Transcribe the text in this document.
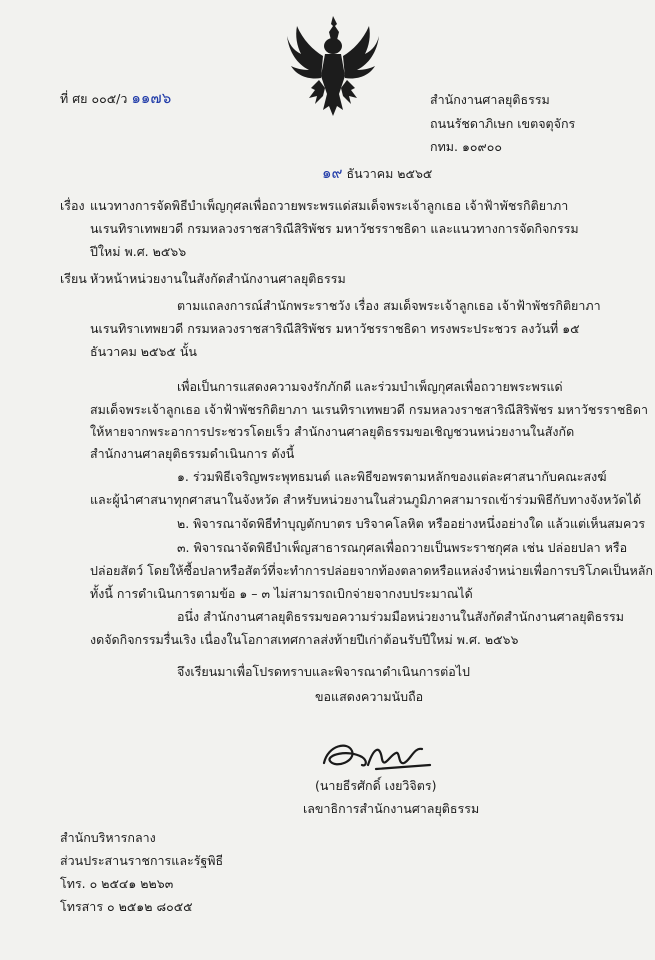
ที่ ศย ๐๐๕/ว ๑๑๗๖	สำนักงานศาลยุติธรรม
ถนนรัชดาภิเษก เขตจตุจักร
กทม. ๑๐๙๐๐
๑๙ ธันวาคม ๒๕๖๕
เรื่อง แนวทางการจัดพิธีบำเพ็ญกุศลเพื่อถวายพระพรแด่สมเด็จพระเจ้าลูกเธอ เจ้าฟ้าพัชรกิติยาภา
นเรนทิราเทพยวดี กรมหลวงราชสาริณีสิริพัชร มหาวัชรราชธิดา และแนวทางการจัดกิจกรรม
ปีใหม่ พ.ศ. ๒๕๖๖
เรียน หัวหน้าหน่วยงานในสังกัดสำนักงานศาลยุติธรรม
ตามแถลงการณ์สำนักพระราชวัง เรื่อง สมเด็จพระเจ้าลูกเธอ เจ้าฟ้าพัชรกิติยาภา
นเรนทิราเทพยวดี กรมหลวงราชสาริณีสิริพัชร มหาวัชรราชธิดา ทรงพระประชวร ลงวันที่ ๑๕
ธันวาคม ๒๕๖๕ นั้น
เพื่อเป็นการแสดงความจงรักภักดี และร่วมบำเพ็ญกุศลเพื่อถวายพระพรแด่
สมเด็จพระเจ้าลูกเธอ เจ้าฟ้าพัชรกิติยาภา นเรนทิราเทพยวดี กรมหลวงราชสาริณีสิริพัชร มหาวัชรราชธิดา
ให้หายจากพระอาการประชวรโดยเร็ว สำนักงานศาลยุติธรรมขอเชิญชวนหน่วยงานในสังกัด
สำนักงานศาลยุติธรรมดำเนินการ ดังนี้
๑. ร่วมพิธีเจริญพระพุทธมนต์ และพิธีขอพรตามหลักของแต่ละศาสนากับคณะสงฆ์
และผู้นำศาสนาทุกศาสนาในจังหวัด สำหรับหน่วยงานในส่วนภูมิภาคสามารถเข้าร่วมพิธีกับทางจังหวัดได้
๒. พิจารณาจัดพิธีทำบุญตักบาตร บริจาคโลหิต หรืออย่างหนึ่งอย่างใด แล้วแต่เห็นสมควร
๓. พิจารณาจัดพิธีบำเพ็ญสาธารณกุศลเพื่อถวายเป็นพระราชกุศล เช่น ปล่อยปลา หรือ
ปล่อยสัตว์ โดยให้ซื้อปลาหรือสัตว์ที่จะทำการปล่อยจากท้องตลาดหรือแหล่งจำหน่ายเพื่อการบริโภคเป็นหลัก
ทั้งนี้ การดำเนินการตามข้อ ๑ – ๓ ไม่สามารถเบิกจ่ายจากงบประมาณได้
อนึ่ง สำนักงานศาลยุติธรรมขอความร่วมมือหน่วยงานในสังกัดสำนักงานศาลยุติธรรม
งดจัดกิจกรรมรื่นเริง เนื่องในโอกาสเทศกาลส่งท้ายปีเก่าต้อนรับปีใหม่ พ.ศ. ๒๕๖๖
จึงเรียนมาเพื่อโปรดทราบและพิจารณาดำเนินการต่อไป
ขอแสดงความนับถือ
(นายธีรศักดิ์ เงยวิจิตร)
เลขาธิการสำนักงานศาลยุติธรรม
สำนักบริหารกลาง
ส่วนประสานราชการและรัฐพิธี
โทร. ๐ ๒๕๔๑ ๒๒๖๓
โทรสาร ๐ ๒๕๑๒ ๘๐๕๕
